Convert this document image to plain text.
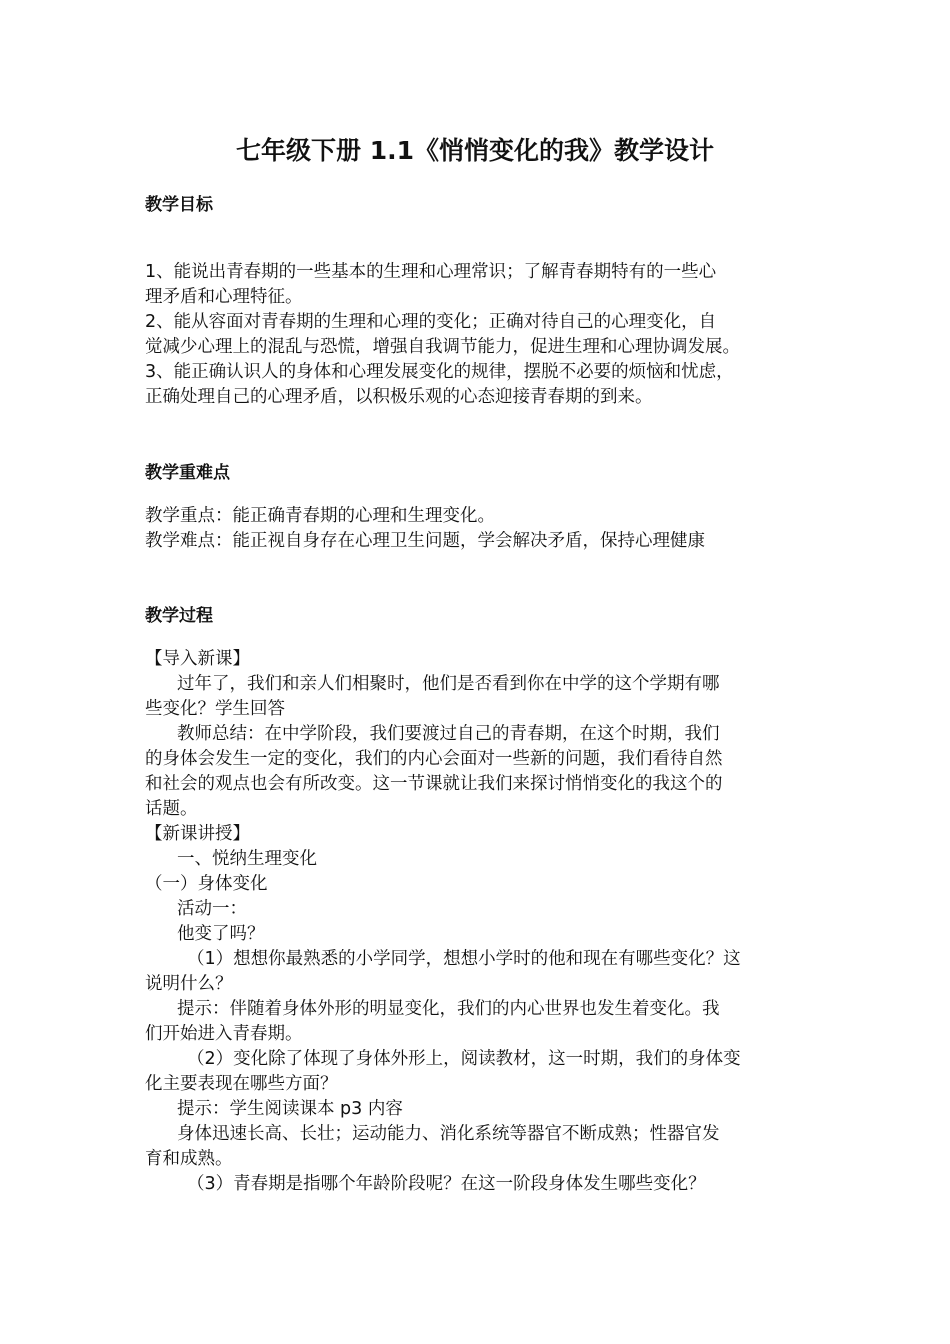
七年级下册 1.1《悄悄变化的我》教学设计
教学目标
1、能说出青春期的一些基本的生理和心理常识；了解青春期特有的一些心
理矛盾和心理特征。
2、能从容面对青春期的生理和心理的变化；正确对待自己的心理变化，自
觉减少心理上的混乱与恐慌，增强自我调节能力，促进生理和心理协调发展。
3、能正确认识人的身体和心理发展变化的规律，摆脱不必要的烦恼和忧虑，
正确处理自己的心理矛盾，以积极乐观的心态迎接青春期的到来。
教学重难点
教学重点：能正确青春期的心理和生理变化。
教学难点：能正视自身存在心理卫生问题，学会解决矛盾，保持心理健康
教学过程
【导入新课】
过年了，我们和亲人们相聚时，他们是否看到你在中学的这个学期有哪
些变化？学生回答
教师总结：在中学阶段，我们要渡过自己的青春期，在这个时期，我们
的身体会发生一定的变化，我们的内心会面对一些新的问题，我们看待自然
和社会的观点也会有所改变。这一节课就让我们来探讨悄悄变化的我这个的
话题。
【新课讲授】
一、悦纳生理变化
（一）身体变化
活动一：
他变了吗？
（1）想想你最熟悉的小学同学，想想小学时的他和现在有哪些变化？这
说明什么？
提示：伴随着身体外形的明显变化，我们的内心世界也发生着变化。我
们开始进入青春期。
（2）变化除了体现了身体外形上，阅读教材，这一时期，我们的身体变
化主要表现在哪些方面？
提示：学生阅读课本 p3 内容
身体迅速长高、长壮；运动能力、消化系统等器官不断成熟；性器官发
育和成熟。
（3）青春期是指哪个年龄阶段呢？在这一阶段身体发生哪些变化？
